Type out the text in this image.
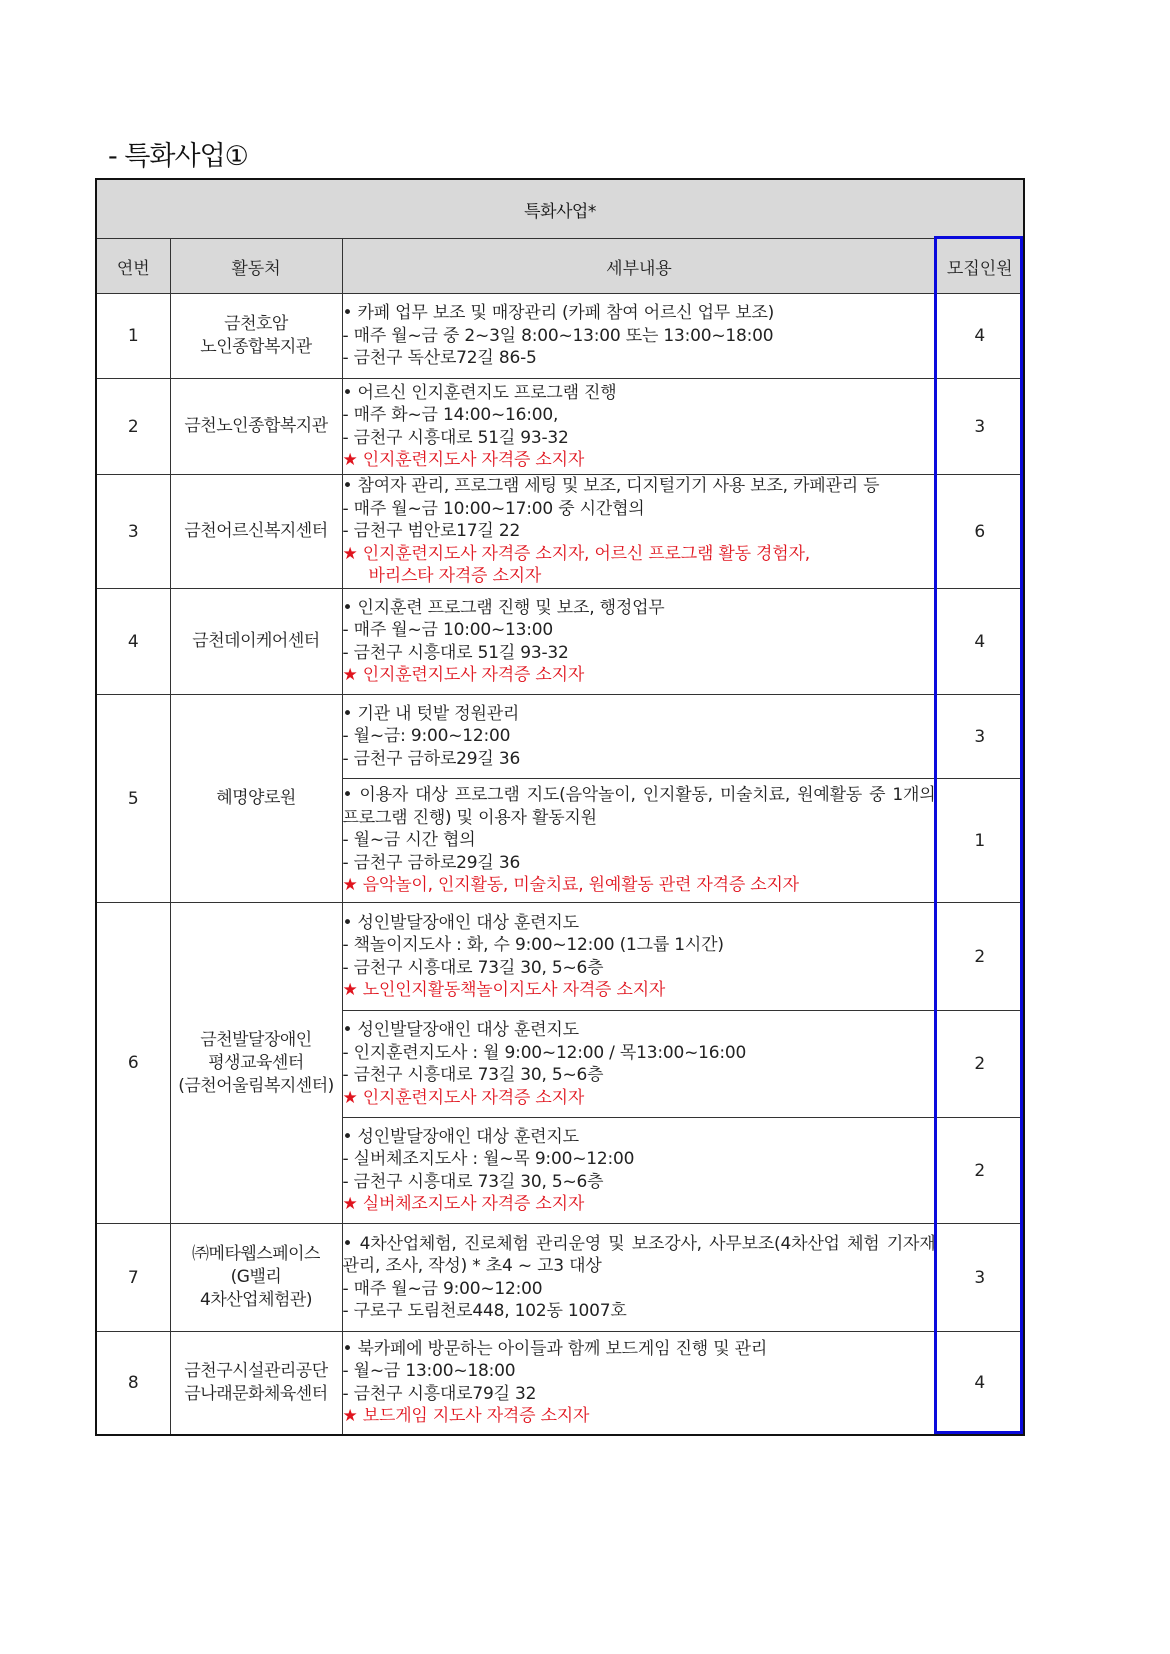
- 특화사업①
특화사업*			
연번	활동처	세부내용	모집인원
1	금천호암
노인종합복지관	• 카페 업무 보조 및 매장관리 (카페 참여 어르신 업무 보조)
- 매주 월~금 중 2~3일 8:00~13:00 또는 13:00~18:00
- 금천구 독산로72길 86-5	4
2	금천노인종합복지관	• 어르신 인지훈련지도 프로그램 진행
- 매주 화~금 14:00~16:00,
- 금천구 시흥대로 51길 93-32
★ 인지훈련지도사 자격증 소지자	3
3	금천어르신복지센터	• 참여자 관리, 프로그램 세팅 및 보조, 디지털기기 사용 보조, 카페관리 등
- 매주 월~금 10:00~17:00 중 시간협의
- 금천구 범안로17길 22
★ 인지훈련지도사 자격증 소지자, 어르신 프로그램 활동 경험자,
바리스타 자격증 소지자	6
4	금천데이케어센터	• 인지훈련 프로그램 진행 및 보조, 행정업무
- 매주 월~금 10:00~13:00
- 금천구 시흥대로 51길 93-32
★ 인지훈련지도사 자격증 소지자	4
5	혜명양로원	• 기관 내 텃밭 정원관리
- 월~금: 9:00~12:00
- 금천구 금하로29길 36	3

		• 이용자 대상 프로그램 지도(음악놀이, 인지활동, 미술치료, 원예활동 중 1개의 프로그램 진행) 및 이용자 활동지원
- 월~금 시간 협의
- 금천구 금하로29길 36
★ 음악놀이, 인지활동, 미술치료, 원예활동 관련 자격증 소지자	1
6	금천발달장애인
평생교육센터
(금천어울림복지센터)	• 성인발달장애인 대상 훈련지도
- 책놀이지도사 : 화, 수 9:00~12:00 (1그룹 1시간)
- 금천구 시흥대로 73길 30, 5~6층
★ 노인인지활동책놀이지도사 자격증 소지자	2

		• 성인발달장애인 대상 훈련지도
- 인지훈련지도사 : 월 9:00~12:00 / 목13:00~16:00
- 금천구 시흥대로 73길 30, 5~6층
★ 인지훈련지도사 자격증 소지자	2

		• 성인발달장애인 대상 훈련지도
- 실버체조지도사 : 월~목 9:00~12:00
- 금천구 시흥대로 73길 30, 5~6층
★ 실버체조지도사 자격증 소지자	2
7	㈜메타웹스페이스
(G밸리
4차산업체험관)	• 4차산업체험, 진로체험 관리운영 및 보조강사, 사무보조(4차산업 체험 기자재 관리, 조사, 작성) * 초4 ~ 고3 대상
- 매주 월~금 9:00~12:00
- 구로구 도림천로448, 102동 1007호	3
8	금천구시설관리공단
금나래문화체육센터	• 북카페에 방문하는 아이들과 함께 보드게임 진행 및 관리
- 월~금 13:00~18:00
- 금천구 시흥대로79길 32
★ 보드게임 지도사 자격증 소지자	4
